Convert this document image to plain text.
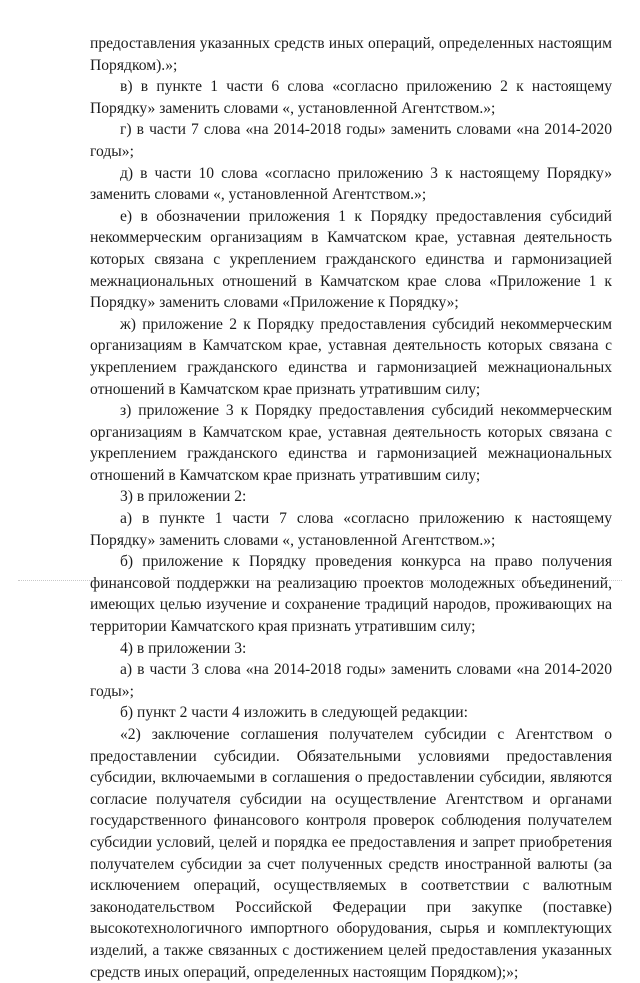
предоставления указанных средств иных операций, определенных настоящим Порядком).»;

в) в пункте 1 части 6 слова «согласно приложению 2 к настоящему Порядку» заменить словами «, установленной Агентством.»;

г) в части 7 слова «на 2014-2018 годы» заменить словами «на 2014-2020 годы»;

д) в части 10 слова «согласно приложению 3 к настоящему Порядку» заменить словами «, установленной Агентством.»;

е) в обозначении приложения 1 к Порядку предоставления субсидий некоммерческим организациям в Камчатском крае, уставная деятельность которых связана с укреплением гражданского единства и гармонизацией межнациональных отношений в Камчатском крае слова «Приложение 1 к Порядку» заменить словами «Приложение к Порядку»;

ж) приложение 2 к Порядку предоставления субсидий некоммерческим организациям в Камчатском крае, уставная деятельность которых связана с укреплением гражданского единства и гармонизацией межнациональных отношений в Камчатском крае признать утратившим силу;

з) приложение 3 к Порядку предоставления субсидий некоммерческим организациям в Камчатском крае, уставная деятельность которых связана с укреплением гражданского единства и гармонизацией межнациональных отношений в Камчатском крае признать утратившим силу;

3) в приложении 2:

а) в пункте 1 части 7 слова «согласно приложению к настоящему Порядку» заменить словами «, установленной Агентством.»;

б) приложение к Порядку проведения конкурса на право получения финансовой поддержки на реализацию проектов молодежных объединений, имеющих целью изучение и сохранение традиций народов, проживающих на территории Камчатского края признать утратившим силу;

4) в приложении 3:

а) в части 3 слова «на 2014-2018 годы» заменить словами «на 2014-2020 годы»;

б) пункт 2 части 4 изложить в следующей редакции:

«2) заключение соглашения получателем субсидии с Агентством о предоставлении субсидии. Обязательными условиями предоставления субсидии, включаемыми в соглашения о предоставлении субсидии, являются согласие получателя субсидии на осуществление Агентством и органами государственного финансового контроля проверок соблюдения получателем субсидии условий, целей и порядка ее предоставления и запрет приобретения получателем субсидии за счет полученных средств иностранной валюты (за исключением операций, осуществляемых в соответствии с валютным законодательством Российской Федерации при закупке (поставке) высокотехнологичного импортного оборудования, сырья и комплектующих изделий, а также связанных с достижением целей предоставления указанных средств иных операций, определенных настоящим Порядком);»;
